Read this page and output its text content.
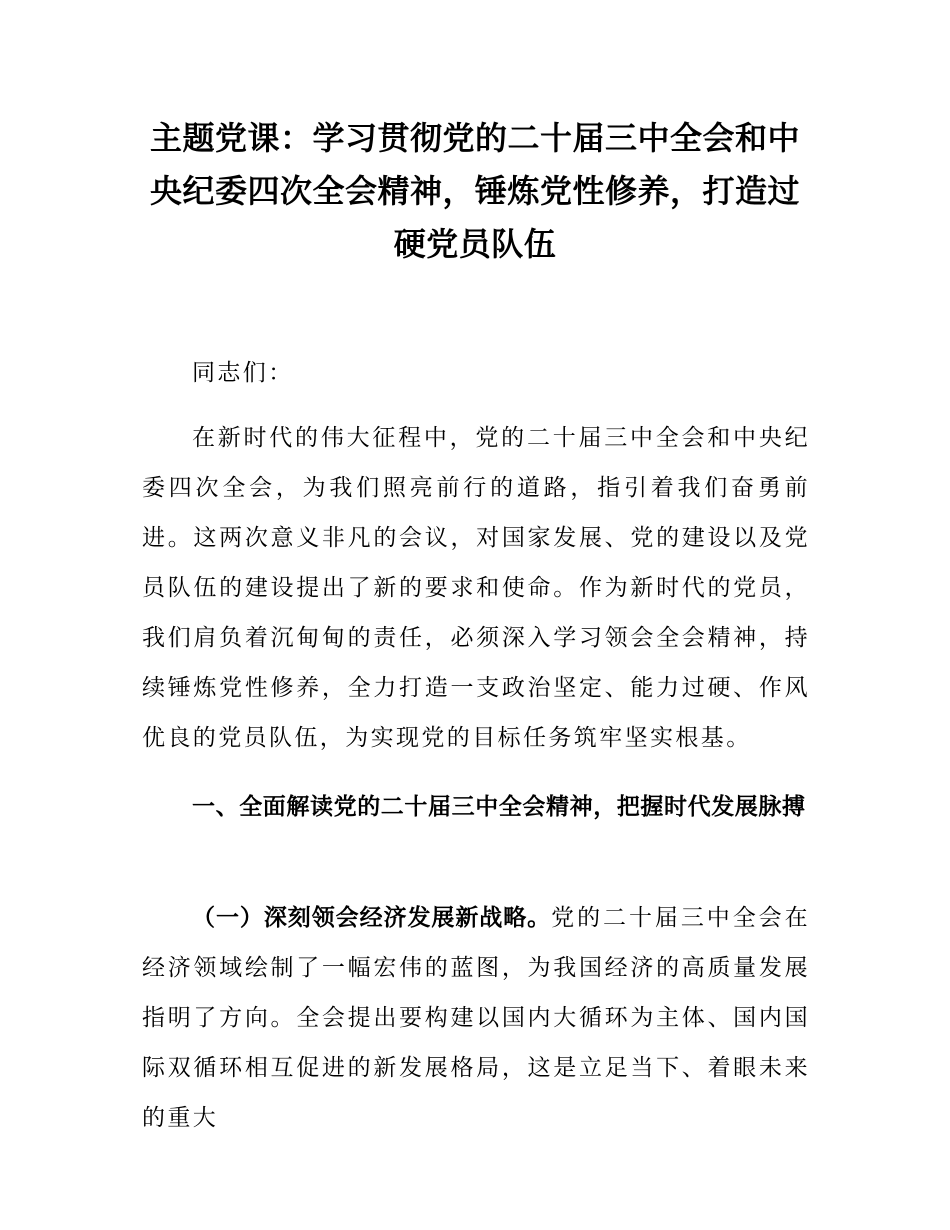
主题党课：学习贯彻党的二十届三中全会和中央纪委四次全会精神，锤炼党性修养，打造过硬党员队伍

同志们：

在新时代的伟大征程中，党的二十届三中全会和中央纪委四次全会，为我们照亮前行的道路，指引着我们奋勇前进。这两次意义非凡的会议，对国家发展、党的建设以及党员队伍的建设提出了新的要求和使命。作为新时代的党员，我们肩负着沉甸甸的责任，必须深入学习领会全会精神，持续锤炼党性修养，全力打造一支政治坚定、能力过硬、作风优良的党员队伍，为实现党的目标任务筑牢坚实根基。

一、全面解读党的二十届三中全会精神，把握时代发展脉搏

（一）深刻领会经济发展新战略。党的二十届三中全会在经济领域绘制了一幅宏伟的蓝图，为我国经济的高质量发展指明了方向。全会提出要构建以国内大循环为主体、国内国际双循环相互促进的新发展格局，这是立足当下、着眼未来的重大
